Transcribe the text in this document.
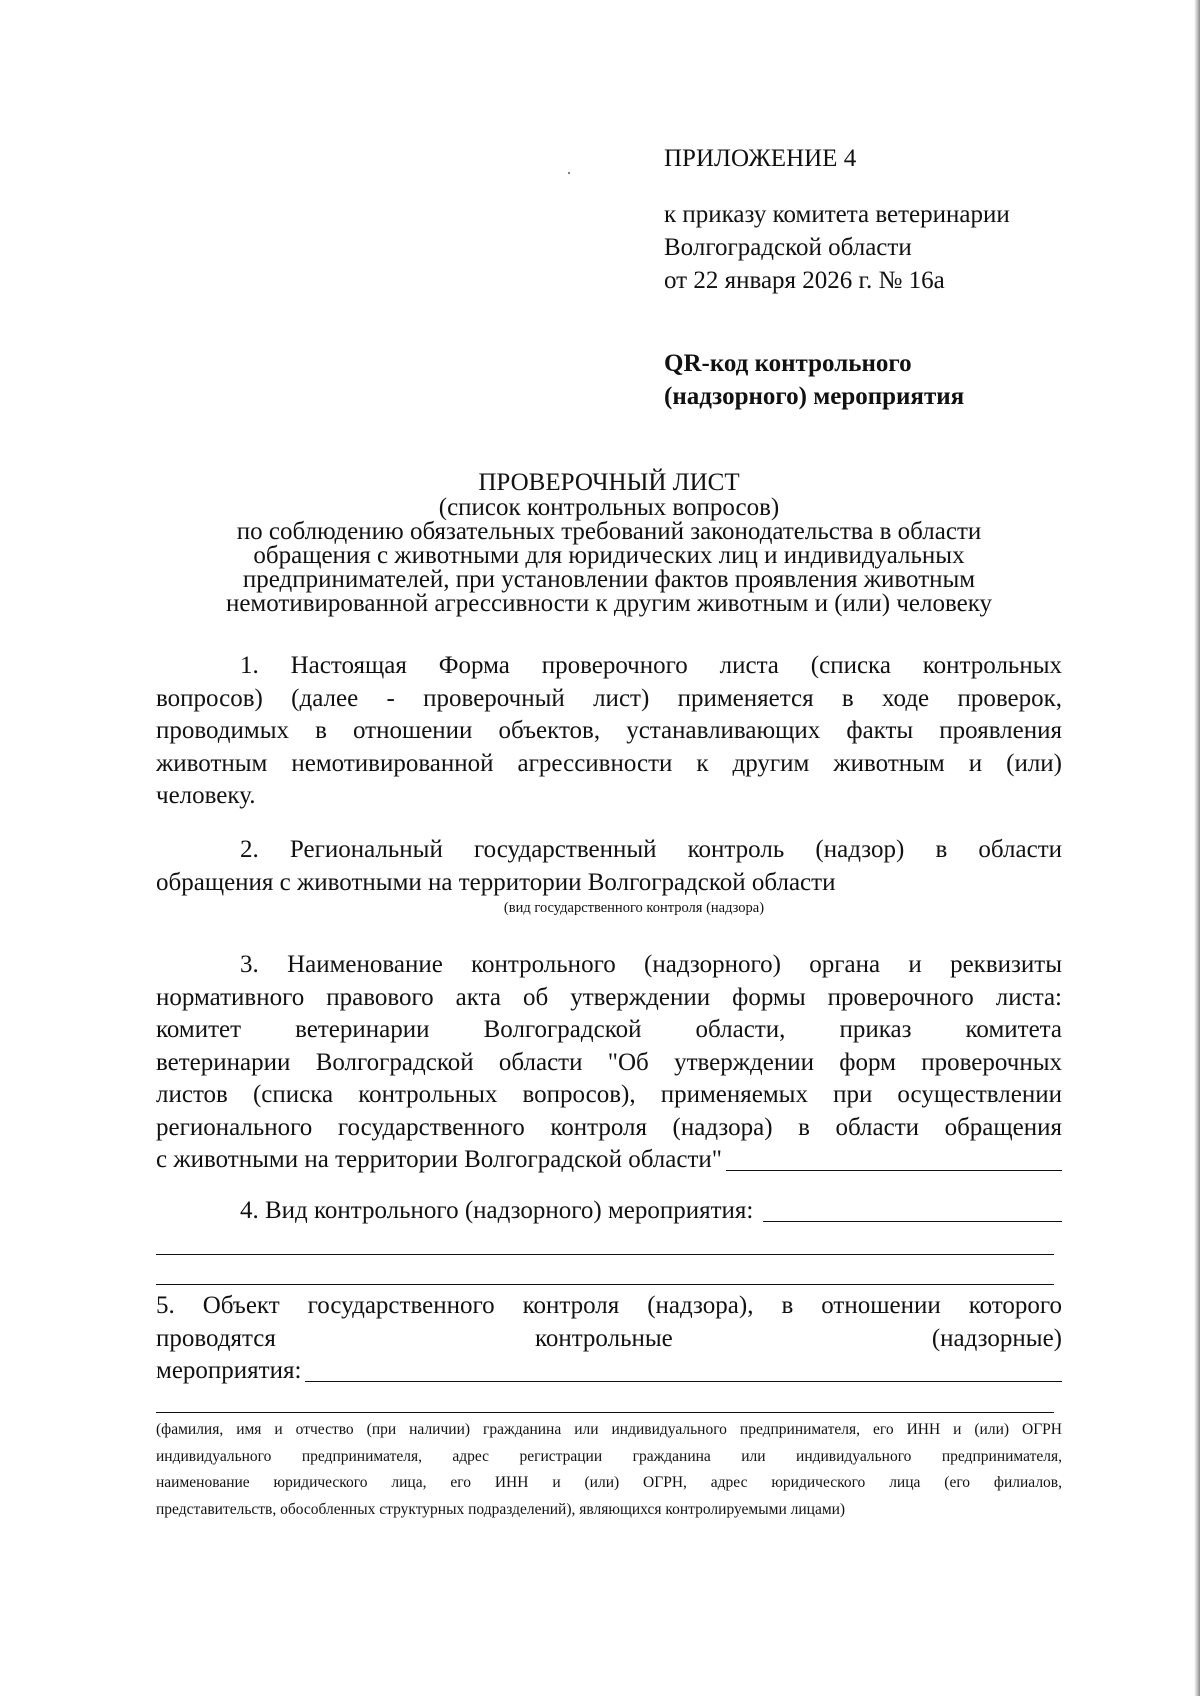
ПРИЛОЖЕНИЕ 4
к приказу комитета ветеринарии
Волгоградской области
от 22 января 2026 г. № 16а
QR-код контрольного
(надзорного) мероприятия
ПРОВЕРОЧНЫЙ ЛИСТ
(список контрольных вопросов)
по соблюдению обязательных требований законодательства в области
обращения с животными для юридических лиц и индивидуальных
предпринимателей, при установлении фактов проявления животным
немотивированной агрессивности к другим животным и (или) человеку
1. Настоящая Форма проверочного листа (списка контрольных
вопросов) (далее - проверочный лист) применяется в ходе проверок,
проводимых в отношении объектов, устанавливающих факты проявления
животным немотивированной агрессивности к другим животным и (или)
человеку.
2. Региональный государственный контроль (надзор) в области
обращения с животными на территории Волгоградской области
(вид государственного контроля (надзора)
3. Наименование контрольного (надзорного) органа и реквизиты
нормативного правового акта об утверждении формы проверочного листа:
комитет ветеринарии Волгоградской области, приказ комитета
ветеринарии Волгоградской области "Об утверждении форм проверочных
листов (списка контрольных вопросов), применяемых при осуществлении
регионального государственного контроля (надзора) в области обращения
с животными на территории Волгоградской области"
4. Вид контрольного (надзорного) мероприятия:
5. Объект государственного контроля (надзора), в отношении которого
проводятся контрольные (надзорные)
мероприятия:
(фамилия, имя и отчество (при наличии) гражданина или индивидуального предпринимателя, его ИНН и (или) ОГРН
индивидуального предпринимателя, адрес регистрации гражданина или индивидуального предпринимателя,
наименование юридического лица, его ИНН и (или) ОГРН, адрес юридического лица (его филиалов,
представительств, обособленных структурных подразделений), являющихся контролируемыми лицами)
